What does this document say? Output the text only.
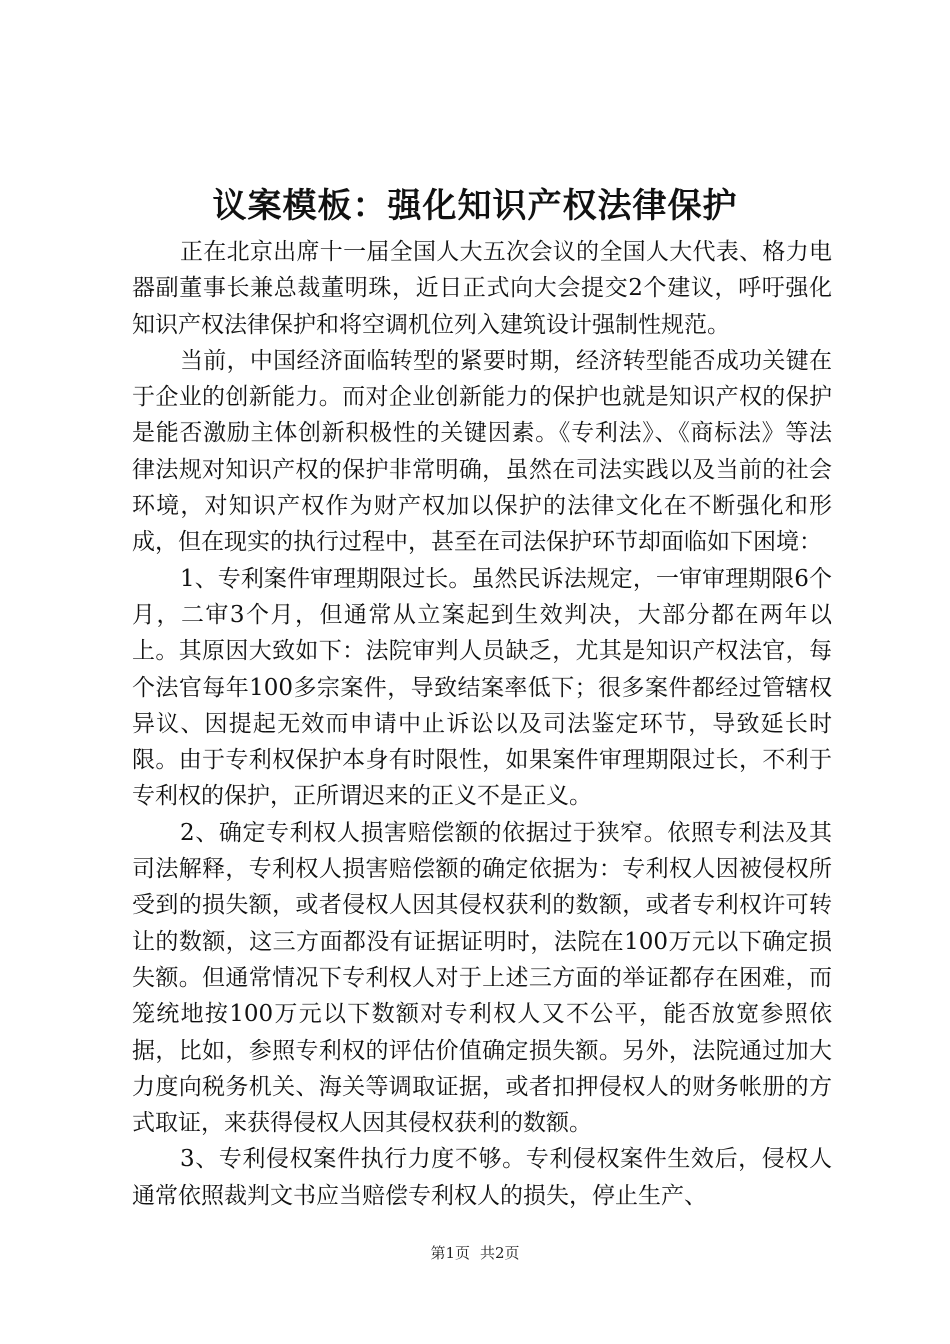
议案模板：强化知识产权法律保护

正在北京出席十一届全国人大五次会议的全国人大代表、格力电器副董事长兼总裁董明珠，近日正式向大会提交2个建议，呼吁强化知识产权法律保护和将空调机位列入建筑设计强制性规范。

当前，中国经济面临转型的紧要时期，经济转型能否成功关键在于企业的创新能力。而对企业创新能力的保护也就是知识产权的保护是能否激励主体创新积极性的关键因素。《专利法》、《商标法》等法律法规对知识产权的保护非常明确，虽然在司法实践以及当前的社会环境，对知识产权作为财产权加以保护的法律文化在不断强化和形成，但在现实的执行过程中，甚至在司法保护环节却面临如下困境：

1、专利案件审理期限过长。虽然民诉法规定，一审审理期限6个月，二审3个月，但通常从立案起到生效判决，大部分都在两年以上。其原因大致如下：法院审判人员缺乏，尤其是知识产权法官，每个法官每年100多宗案件，导致结案率低下；很多案件都经过管辖权异议、因提起无效而申请中止诉讼以及司法鉴定环节，导致延长时限。由于专利权保护本身有时限性，如果案件审理期限过长，不利于专利权的保护，正所谓迟来的正义不是正义。

2、确定专利权人损害赔偿额的依据过于狭窄。依照专利法及其司法解释，专利权人损害赔偿额的确定依据为：专利权人因被侵权所受到的损失额，或者侵权人因其侵权获利的数额，或者专利权许可转让的数额，这三方面都没有证据证明时，法院在100万元以下确定损失额。但通常情况下专利权人对于上述三方面的举证都存在困难，而笼统地按100万元以下数额对专利权人又不公平，能否放宽参照依据，比如，参照专利权的评估价值确定损失额。另外，法院通过加大力度向税务机关、海关等调取证据，或者扣押侵权人的财务帐册的方式取证，来获得侵权人因其侵权获利的数额。

3、专利侵权案件执行力度不够。专利侵权案件生效后，侵权人通常依照裁判文书应当赔偿专利权人的损失，停止生产、

第1页 共2页
